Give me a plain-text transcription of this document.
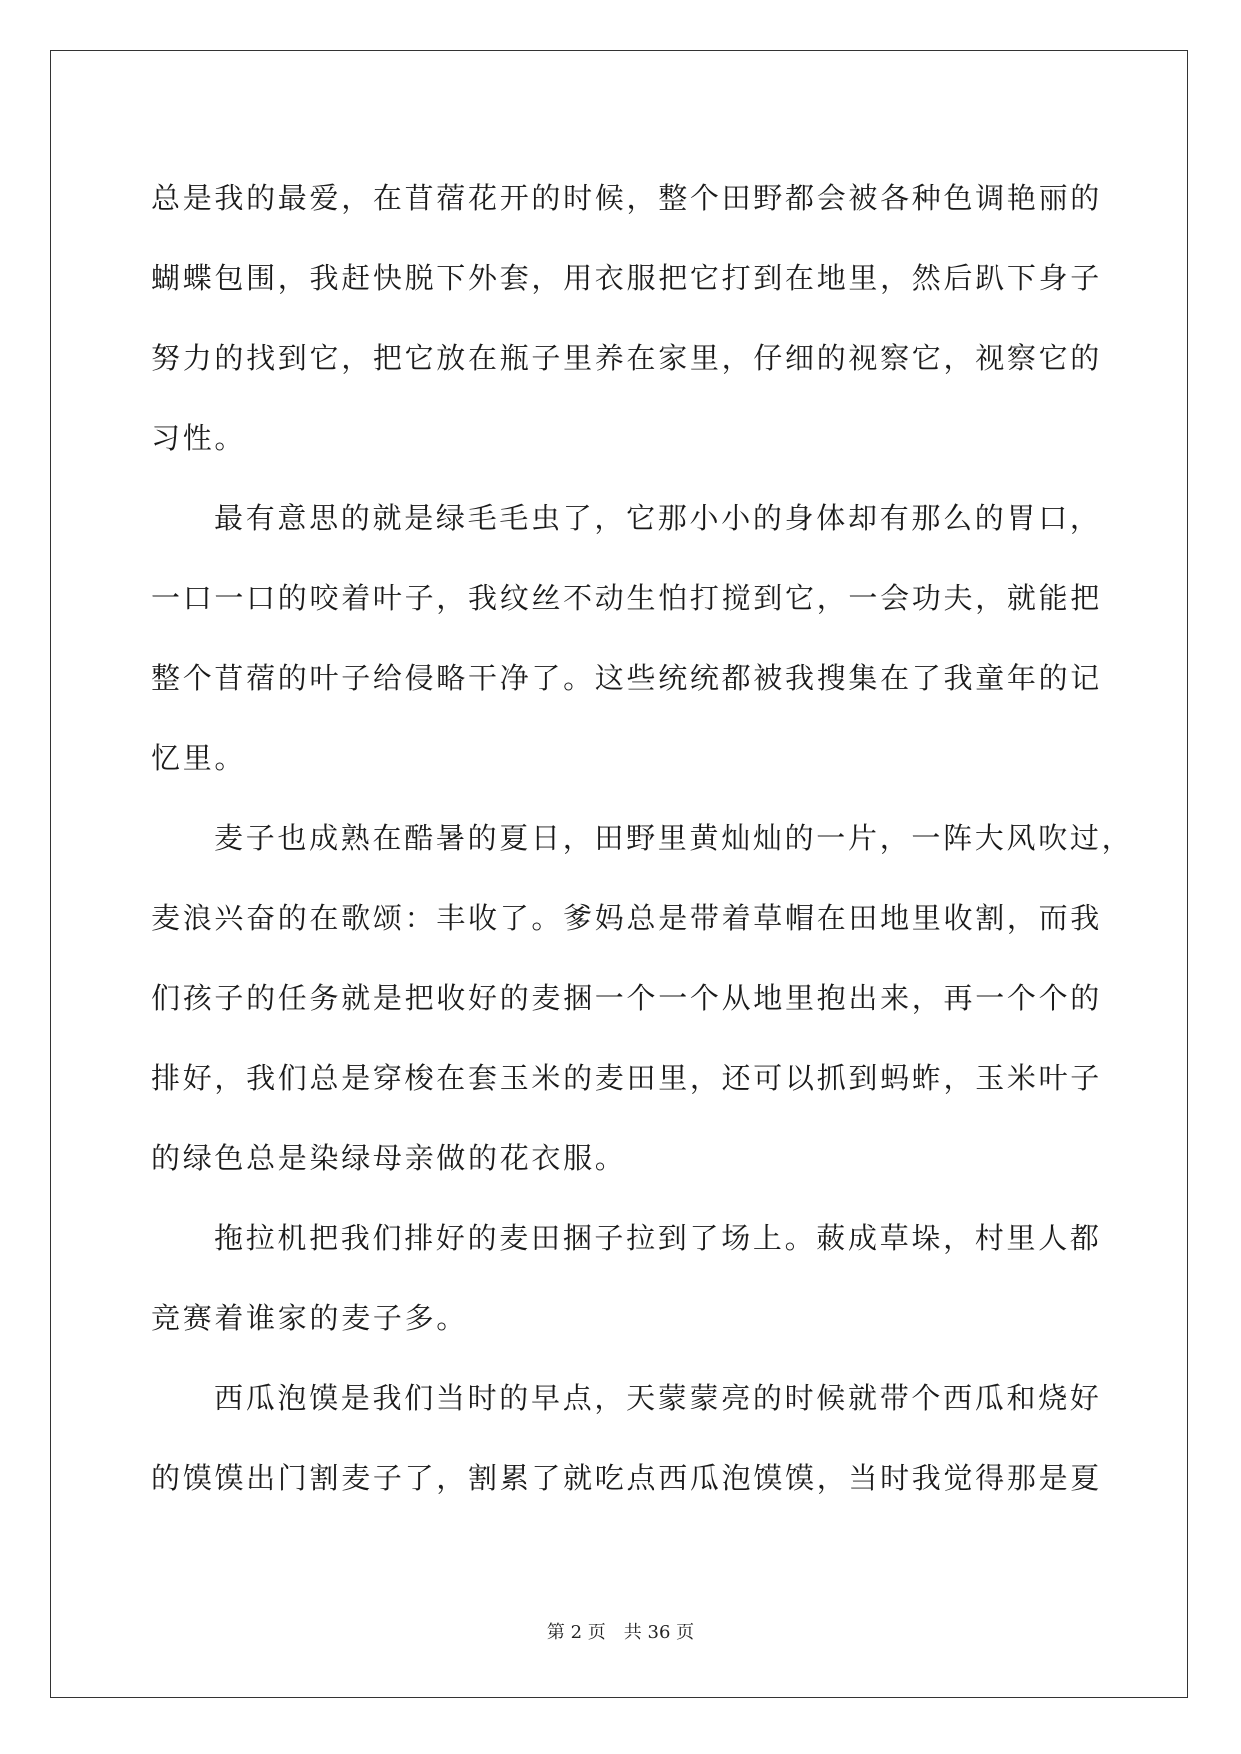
总是我的最爱，在苜蓿花开的时候，整个田野都会被各种色调艳丽的
蝴蝶包围，我赶快脱下外套，用衣服把它打到在地里，然后趴下身子
努力的找到它，把它放在瓶子里养在家里，仔细的视察它，视察它的
习性。
最有意思的就是绿毛毛虫了，它那小小的身体却有那么的胃口，
一口一口的咬着叶子，我纹丝不动生怕打搅到它，一会功夫，就能把
整个苜蓿的叶子给侵略干净了。这些统统都被我搜集在了我童年的记
忆里。
麦子也成熟在酷暑的夏日，田野里黄灿灿的一片，一阵大风吹过，
麦浪兴奋的在歌颂：丰收了。爹妈总是带着草帽在田地里收割，而我
们孩子的任务就是把收好的麦捆一个一个从地里抱出来，再一个个的
排好，我们总是穿梭在套玉米的麦田里，还可以抓到蚂蚱，玉米叶子
的绿色总是染绿母亲做的花衣服。
拖拉机把我们排好的麦田捆子拉到了场上。蓛成草垛，村里人都
竞赛着谁家的麦子多。
西瓜泡馍是我们当时的早点，天蒙蒙亮的时候就带个西瓜和烧好
的馍馍出门割麦子了，割累了就吃点西瓜泡馍馍，当时我觉得那是夏
第 2 页　共 36 页
